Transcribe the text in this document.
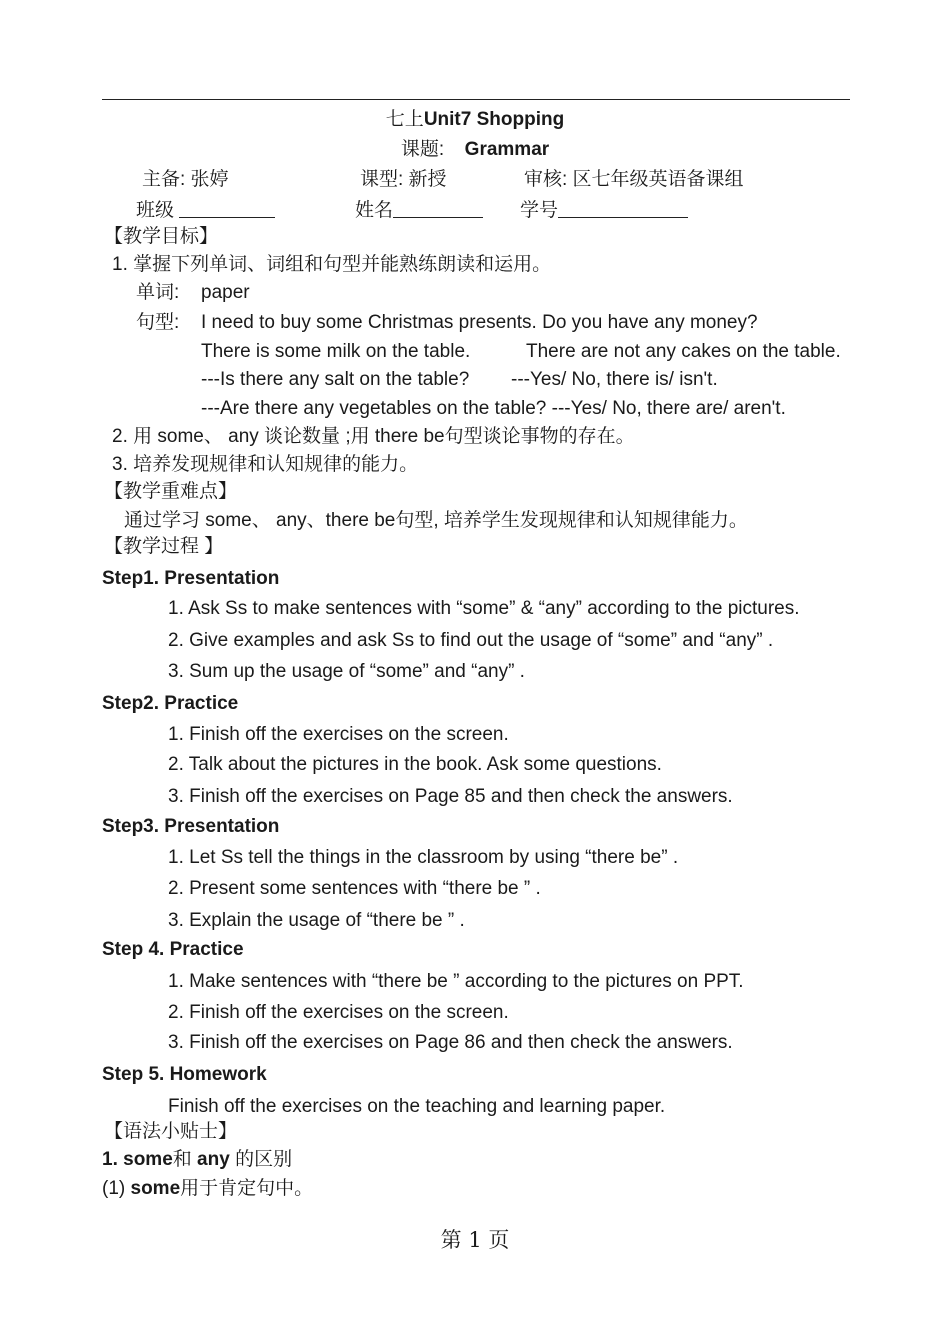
七上Unit7 Shopping
课题: Grammar
主备: 张婷	课型: 新授	审核: 区七年级英语备课组
班级	姓名	学号
【教学目标】
1. 掌握下列单词、词组和句型并能熟练朗读和运用。
单词: paper
句型: I need to buy some Christmas presents. Do you have any money?
There is some milk on the table.	There are not any cakes on the table.
---Is there any salt on the table? ---Yes/ No, there is/ isn't.
---Are there any vegetables on the table? ---Yes/ No, there are/ aren't.
2. 用 some、 any 谈论数量 ;用 there be句型谈论事物的存在。
3. 培养发现规律和认知规律的能力。
【教学重难点】
通过学习 some、 any、there be句型, 培养学生发现规律和认知规律能力。
【教学过程 】
Step1. Presentation
1. Ask Ss to make sentences with “some” & “any” according to the pictures.
2. Give examples and ask Ss to find out the usage of “some” and “any” .
3. Sum up the usage of “some” and “any” .
Step2. Practice
1. Finish off the exercises on the screen.
2. Talk about the pictures in the book. Ask some questions.
3. Finish off the exercises on Page 85 and then check the answers.
Step3. Presentation
1. Let Ss tell the things in the classroom by using “there be” .
2. Present some sentences with “there be ” .
3. Explain the usage of “there be ” .
Step 4. Practice
1. Make sentences with “there be ” according to the pictures on PPT.
2. Finish off the exercises on the screen.
3. Finish off the exercises on Page 86 and then check the answers.
Step 5. Homework
Finish off the exercises on the teaching and learning paper.
【语法小贴士】
1. some和 any 的区别
(1) some用于肯定句中。
第 1 页
